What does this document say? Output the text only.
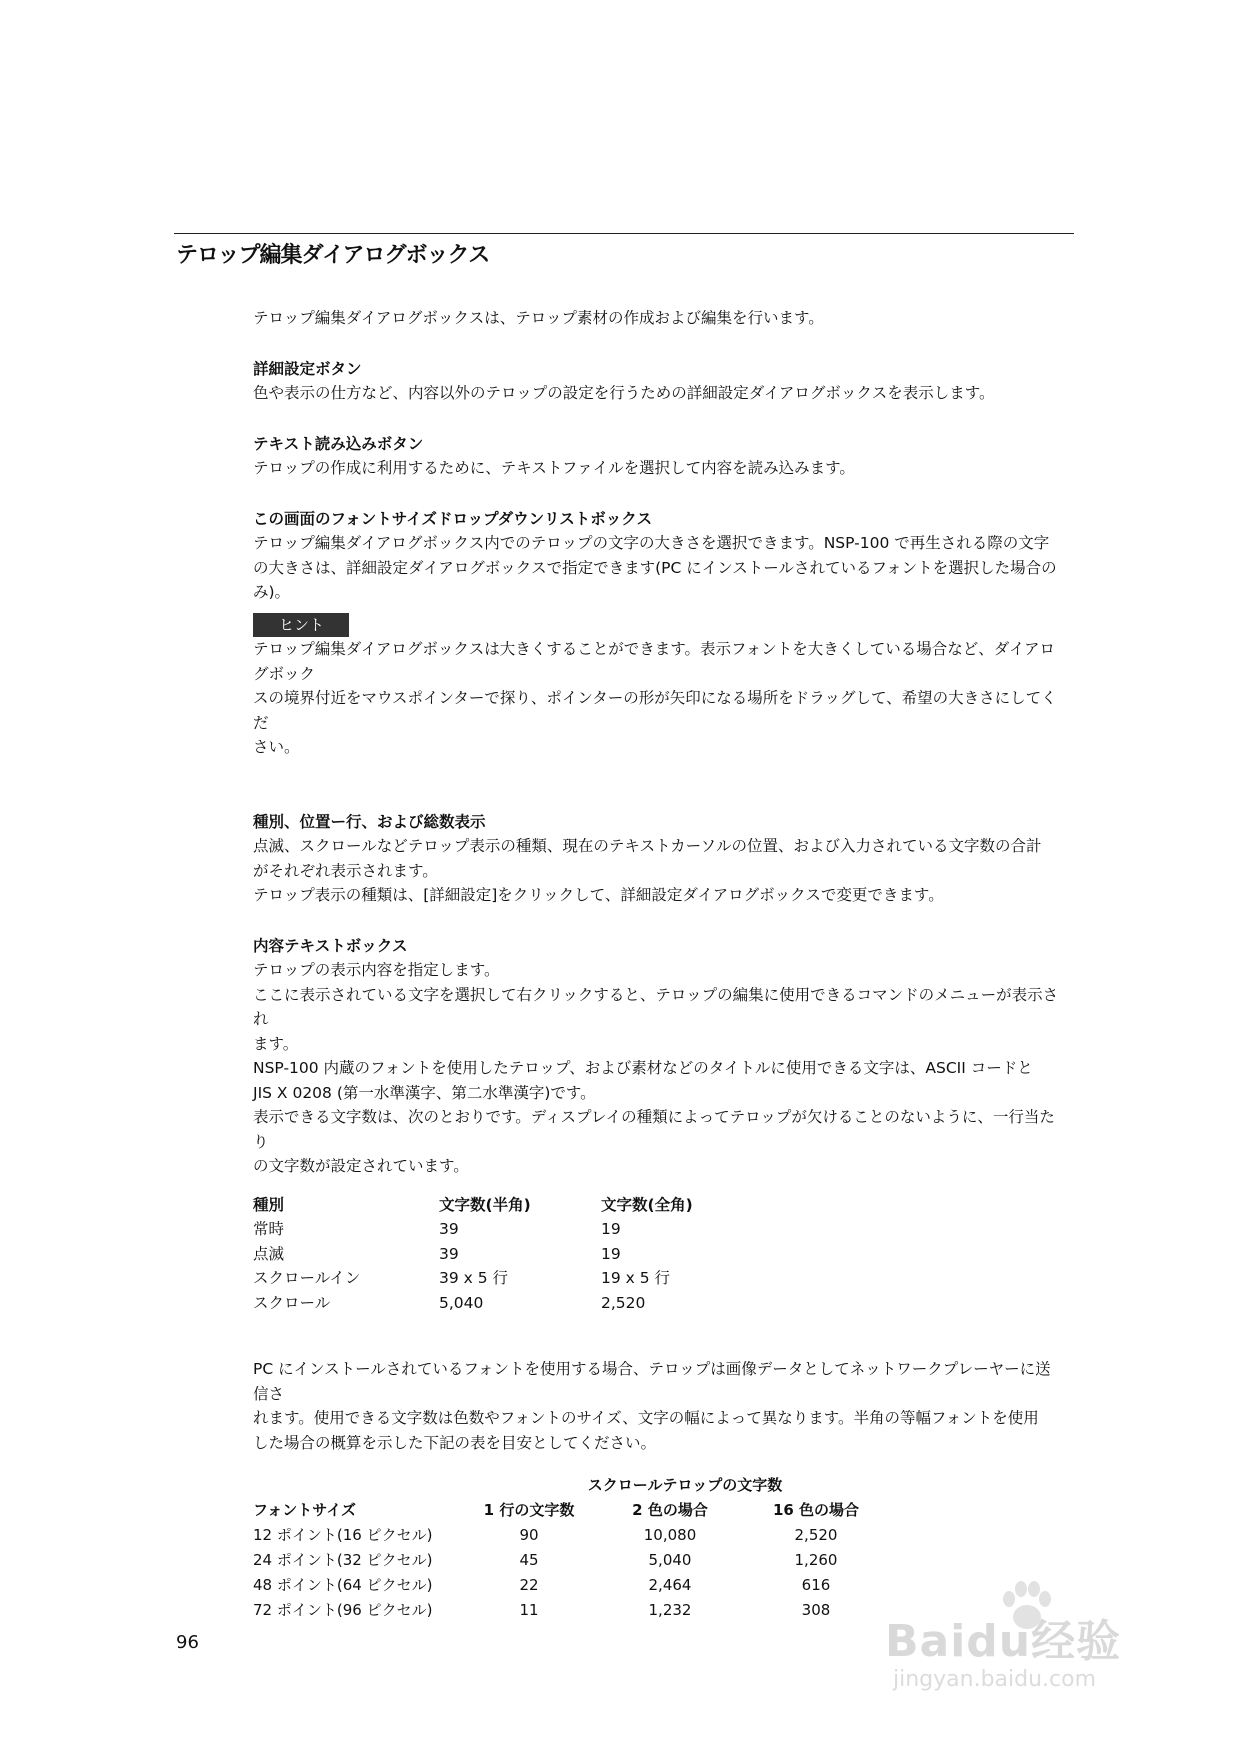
テロップ編集ダイアログボックス

テロップ編集ダイアログボックスは、テロップ素材の作成および編集を行います。

詳細設定ボタン

色や表示の仕方など、内容以外のテロップの設定を行うための詳細設定ダイアログボックスを表示します。

テキスト読み込みボタン

テロップの作成に利用するために、テキストファイルを選択して内容を読み込みます。

この画面のフォントサイズドロップダウンリストボックス

テロップ編集ダイアログボックス内でのテロップの文字の大きさを選択できます。NSP-100 で再生される際の文字

の大きさは、詳細設定ダイアログボックスで指定できます(PC にインストールされているフォントを選択した場合の

み)。

ヒント

テロップ編集ダイアログボックスは大きくすることができます。表示フォントを大きくしている場合など、ダイアログボック

スの境界付近をマウスポインターで探り、ポインターの形が矢印になる場所をドラッグして、希望の大きさにしてくだ

さい。

種別、位置ー行、および総数表示

点滅、スクロールなどテロップ表示の種類、現在のテキストカーソルの位置、および入力されている文字数の合計

がそれぞれ表示されます。

テロップ表示の種類は、[詳細設定]をクリックして、詳細設定ダイアログボックスで変更できます。

内容テキストボックス

テロップの表示内容を指定します。

ここに表示されている文字を選択して右クリックすると、テロップの編集に使用できるコマンドのメニューが表示され

ます。

NSP-100 内蔵のフォントを使用したテロップ、および素材などのタイトルに使用できる文字は、ASCII コードと

JIS X 0208 (第一水準漢字、第二水準漢字)です。

表示できる文字数は、次のとおりです。ディスプレイの種類によってテロップが欠けることのないように、一行当たり

の文字数が設定されています。

種別	文字数(半角)	文字数(全角)
常時	39	19
点滅	39	19
スクロールイン	39 x 5 行	19 x 5 行
スクロール	5,040	2,520

PC にインストールされているフォントを使用する場合、テロップは画像データとしてネットワークプレーヤーに送信さ

れます。使用できる文字数は色数やフォントのサイズ、文字の幅によって異なります。半角の等幅フォントを使用

した場合の概算を示した下記の表を目安としてください。

	スクロールテロップの文字数		
フォントサイズ	1 行の文字数	2 色の場合	16 色の場合
12 ポイント(16 ピクセル)	90	10,080	2,520
24 ポイント(32 ピクセル)	45	5,040	1,260
48 ポイント(64 ピクセル)	22	2,464	616
72 ポイント(96 ピクセル)	11	1,232	308
96	Baidu经验
jingyan.baidu.com
